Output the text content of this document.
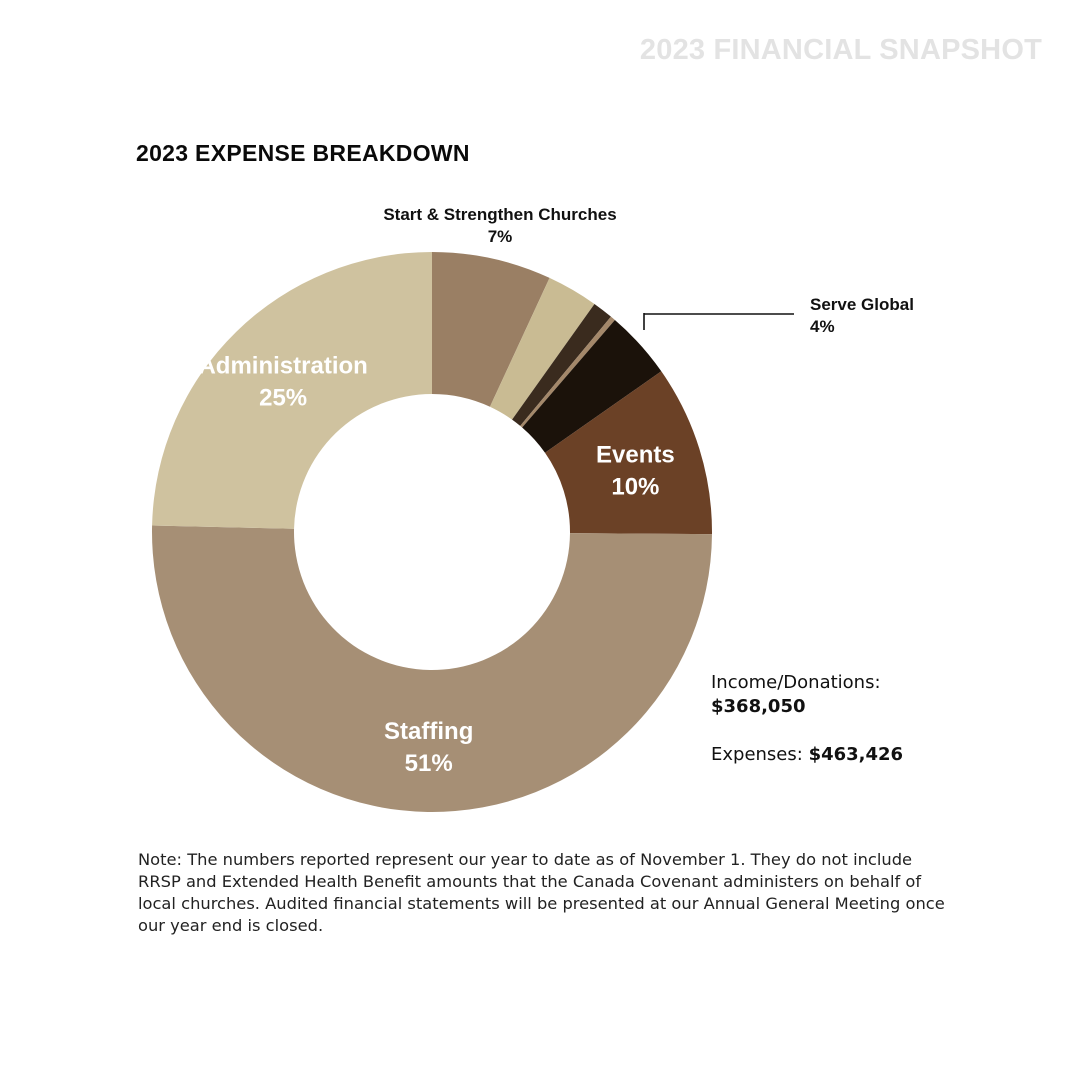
2023 FINANCIAL SNAPSHOT
2023 EXPENSE BREAKDOWN
Events
10%
Staffing
51%
Administration
25%
Start & Strengthen Churches
7%
Serve Global
4%
Income/Donations:
$368,050
Expenses: $463,426
Note: The numbers reported represent our year to date as of November 1. They do not include RRSP and Extended Health Benefit amounts that the Canada Covenant administers on behalf of local churches. Audited financial statements will be presented at our Annual General Meeting once our year end is closed.
